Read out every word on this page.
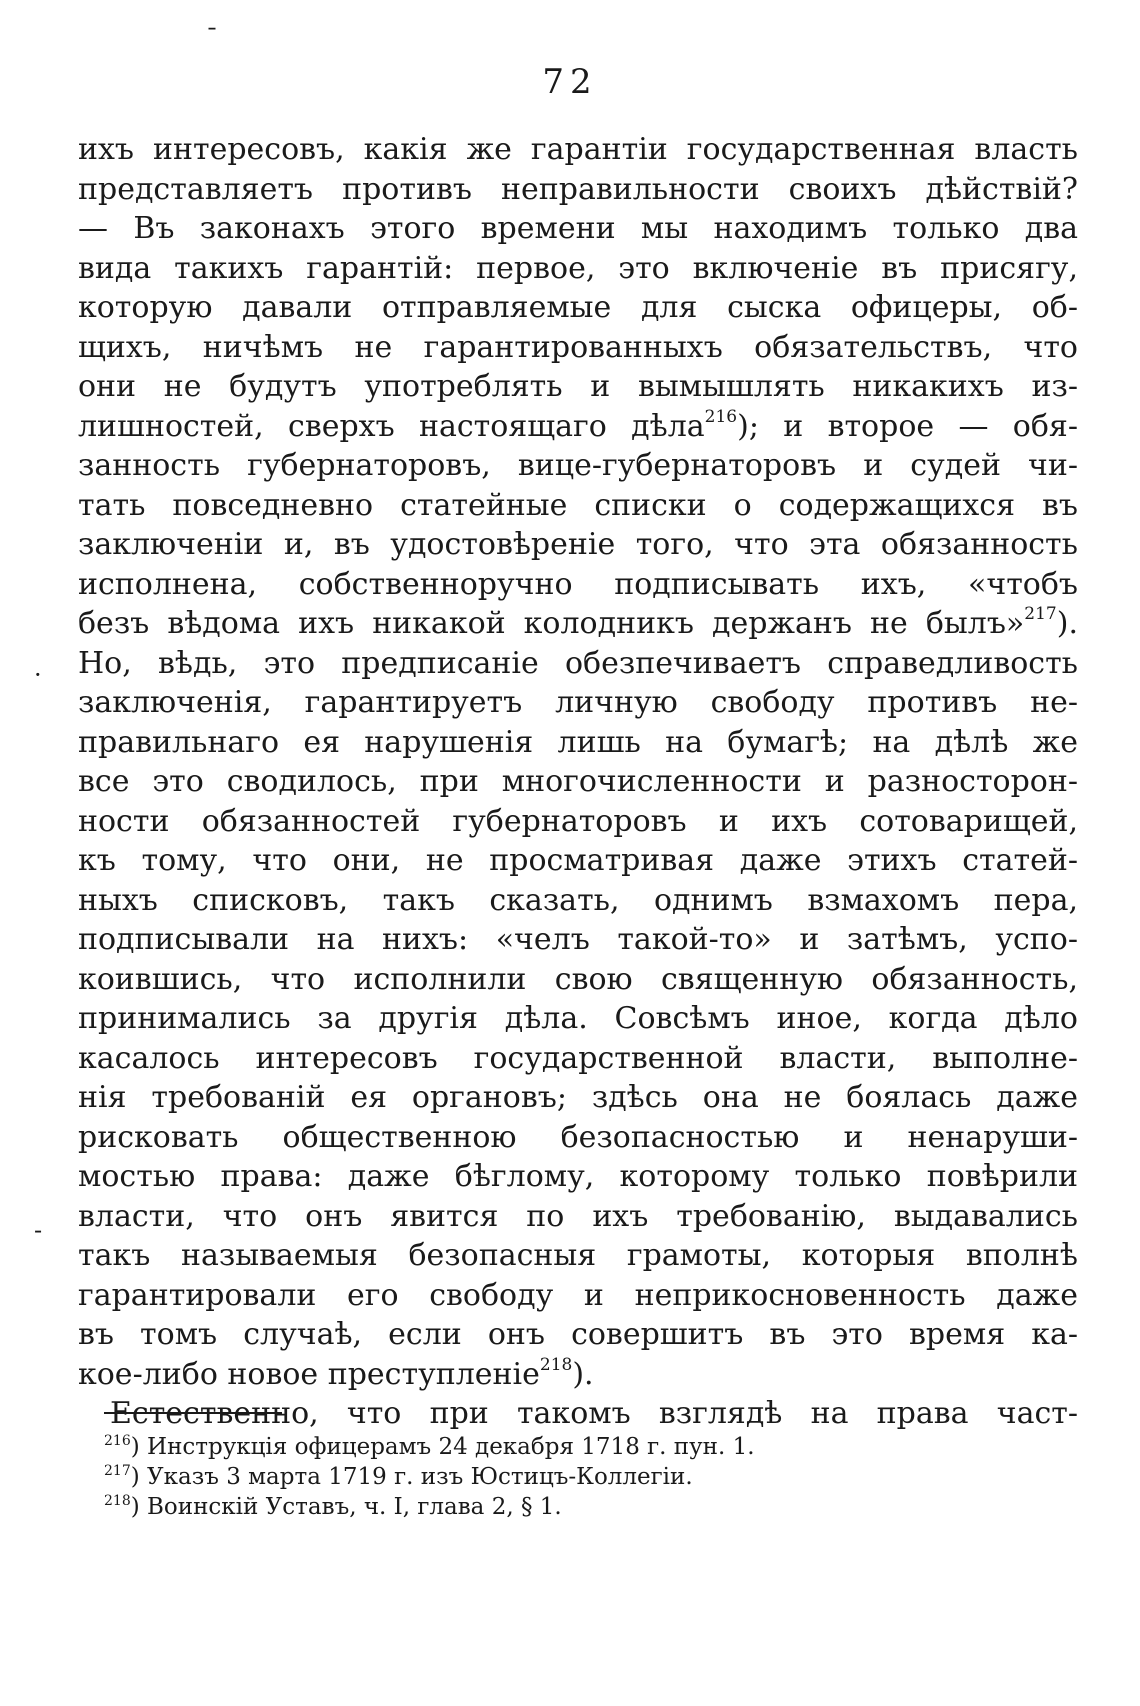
ˉ
72
ихъ интересовъ, какія же гарантіи государственная власть
представляетъ противъ неправильности своихъ дѣйствій?
— Въ законахъ этого времени мы находимъ только два
вида такихъ гарантій: первое, это включеніе въ присягу,
которую давали отправляемые для сыска офицеры, об-
щихъ, ничѣмъ не гарантированныхъ обязательствъ, что
они не будутъ употреблять и вымышлять никакихъ из-
лишностей, сверхъ настоящаго дѣла$^{216}$); и второе — обя-
занность губернаторовъ, вице-губернаторовъ и судей чи-
тать повседневно статейные списки о содержащихся въ
заключеніи и, въ удостовѣреніе того, что эта обязанность
исполнена, собственноручно подписывать ихъ, «чтобъ
безъ вѣдома ихъ никакой колодникъ держанъ не былъ»$^{217}$).
Но, вѣдь, это предписаніе обезпечиваетъ справедливость
заключенія, гарантируетъ личную свободу противъ не-
правильнаго ея нарушенія лишь на бумагѣ; на дѣлѣ же
все это сводилось, при многочисленности и разносторон-
ности обязанностей губернаторовъ и ихъ сотоварищей,
къ тому, что они, не просматривая даже этихъ статей-
ныхъ списковъ, такъ сказать, однимъ взмахомъ пера,
подписывали на нихъ: «челъ такой-то» и затѣмъ, успо-
коившись, что исполнили свою священную обязанность,
принимались за другія дѣла. Совсѣмъ иное, когда дѣло
касалось интересовъ государственной власти, выполне-
нія требованій ея органовъ; здѣсь она не боялась даже
рисковать общественною безопасностью и ненаруши-
мостью права: даже бѣглому, которому только повѣрили
власти, что онъ явится по ихъ требованію, выдавались
такъ называемыя безопасныя грамоты, которыя вполнѣ
гарантировали его свободу и неприкосновенность даже
въ томъ случаѣ, если онъ совершитъ въ это время ка-
кое-либо новое преступленіе$^{218}$).
Естественно, что при такомъ взглядѣ на права част-
·
-
$^{216}$) Инструкція офицерамъ 24 декабря 1718 г. пун. 1.
$^{217}$) Указъ 3 марта 1719 г. изъ Юстицъ-Коллегіи.
$^{218}$) Воинскій Уставъ, ч. I, глава 2, § 1.
